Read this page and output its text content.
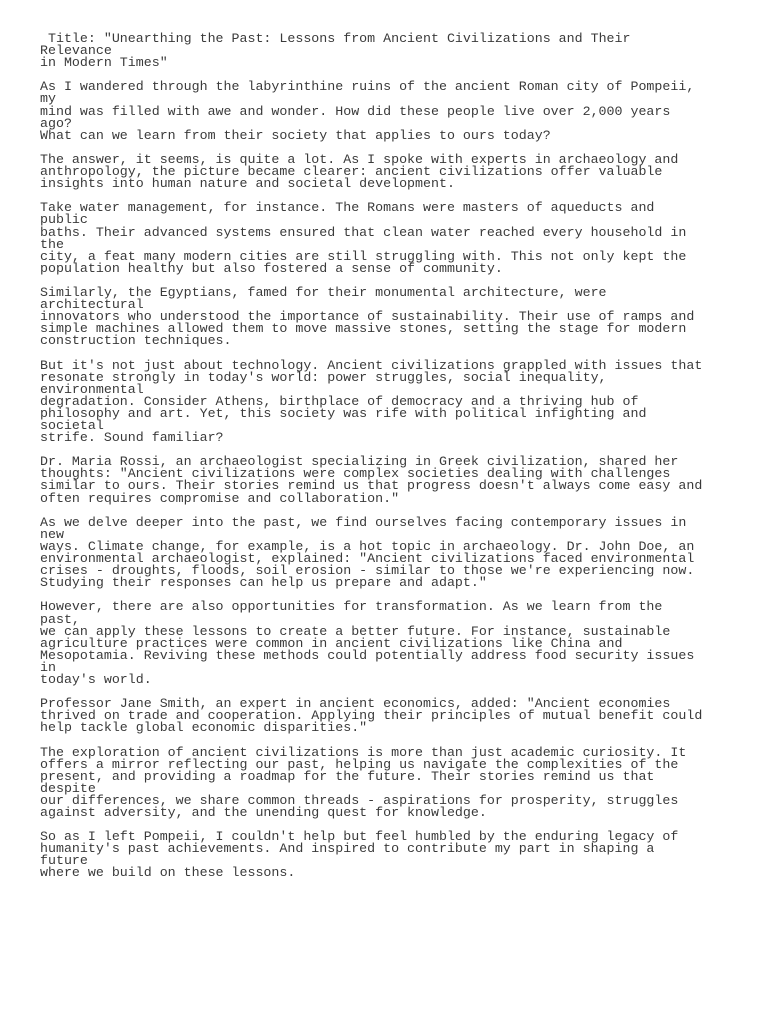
Title: "Unearthing the Past: Lessons from Ancient Civilizations and Their Relevance
in Modern Times"

As I wandered through the labyrinthine ruins of the ancient Roman city of Pompeii, my
mind was filled with awe and wonder. How did these people live over 2,000 years ago?
What can we learn from their society that applies to ours today?

The answer, it seems, is quite a lot. As I spoke with experts in archaeology and
anthropology, the picture became clearer: ancient civilizations offer valuable
insights into human nature and societal development.

Take water management, for instance. The Romans were masters of aqueducts and public
baths. Their advanced systems ensured that clean water reached every household in the
city, a feat many modern cities are still struggling with. This not only kept the
population healthy but also fostered a sense of community.

Similarly, the Egyptians, famed for their monumental architecture, were architectural
innovators who understood the importance of sustainability. Their use of ramps and
simple machines allowed them to move massive stones, setting the stage for modern
construction techniques.

But it's not just about technology. Ancient civilizations grappled with issues that
resonate strongly in today's world: power struggles, social inequality, environmental
degradation. Consider Athens, birthplace of democracy and a thriving hub of
philosophy and art. Yet, this society was rife with political infighting and societal
strife. Sound familiar?

Dr. Maria Rossi, an archaeologist specializing in Greek civilization, shared her
thoughts: "Ancient civilizations were complex societies dealing with challenges
similar to ours. Their stories remind us that progress doesn't always come easy and
often requires compromise and collaboration."

As we delve deeper into the past, we find ourselves facing contemporary issues in new
ways. Climate change, for example, is a hot topic in archaeology. Dr. John Doe, an
environmental archaeologist, explained: "Ancient civilizations faced environmental
crises - droughts, floods, soil erosion - similar to those we're experiencing now.
Studying their responses can help us prepare and adapt."

However, there are also opportunities for transformation. As we learn from the past,
we can apply these lessons to create a better future. For instance, sustainable
agriculture practices were common in ancient civilizations like China and
Mesopotamia. Reviving these methods could potentially address food security issues in
today's world.

Professor Jane Smith, an expert in ancient economics, added: "Ancient economies
thrived on trade and cooperation. Applying their principles of mutual benefit could
help tackle global economic disparities."

The exploration of ancient civilizations is more than just academic curiosity. It
offers a mirror reflecting our past, helping us navigate the complexities of the
present, and providing a roadmap for the future. Their stories remind us that despite
our differences, we share common threads - aspirations for prosperity, struggles
against adversity, and the unending quest for knowledge.

So as I left Pompeii, I couldn't help but feel humbled by the enduring legacy of
humanity's past achievements. And inspired to contribute my part in shaping a future
where we build on these lessons.
